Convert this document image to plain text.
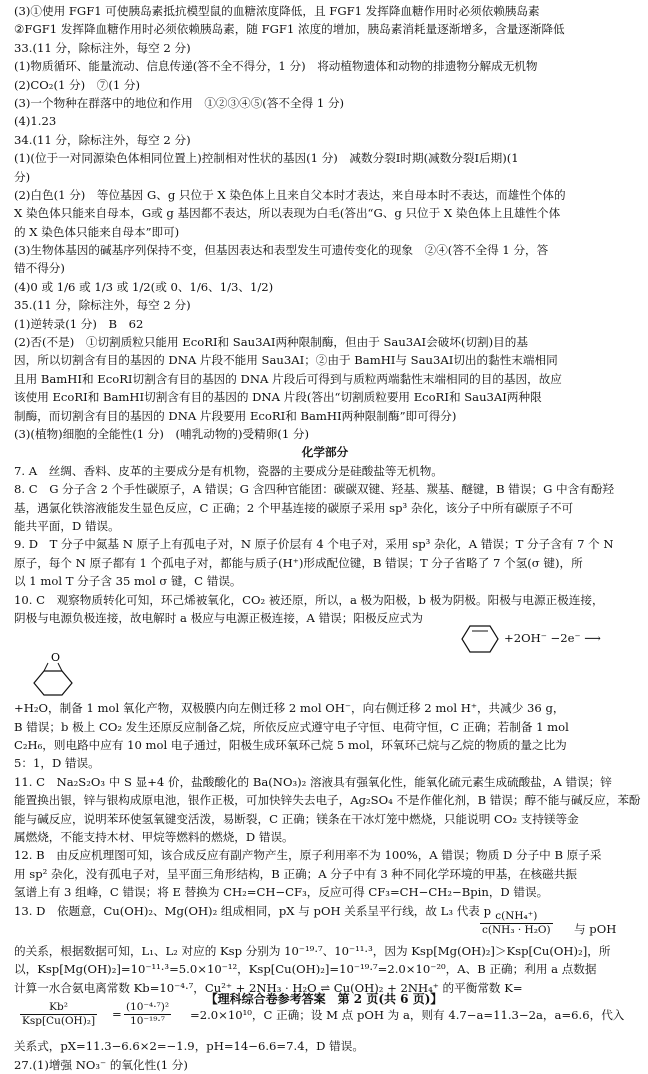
(3)①使用 FGF1 可使胰岛素抵抗模型鼠的血糖浓度降低，且 FGF1 发挥降血糖作用时必须依赖胰岛素
②FGF1 发挥降血糖作用时必须依赖胰岛素，随 FGF1 浓度的增加，胰岛素消耗量逐渐增多，含量逐渐降低
33.(11 分，除标注外，每空 2 分)
(1)物质循环、能量流动、信息传递(答不全不得分，1 分)　将动植物遗体和动物的排遗物分解成无机物
(2)CO₂(1 分)　⑦(1 分)
(3)一个物种在群落中的地位和作用　①②③④⑤(答不全得 1 分)
(4)1.23
34.(11 分，除标注外，每空 2 分)
(1)(位于一对同源染色体相同位置上)控制相对性状的基因(1 分)　减数分裂Ⅰ时期(减数分裂Ⅰ后期)(1
分)
(2)白色(1 分)　等位基因 G、g 只位于 X 染色体上且来自父本时才表达，来自母本时不表达，而雄性个体的
X 染色体只能来自母本，G或 g 基因都不表达，所以表现为白毛(答出“G、g 只位于 X 染色体上且雄性个体
的 X 染色体只能来自母本”即可)
(3)生物体基因的碱基序列保持不变，但基因表达和表型发生可遗传变化的现象　②④(答不全得 1 分，答
错不得分)
(4)0 或 1/6 或 1/3 或 1/2(或 0、1/6、1/3、1/2)
35.(11 分，除标注外，每空 2 分)
(1)逆转录(1 分)　B　62
(2)否(不是)　①切割质粒只能用 EcoRⅠ和 Sau3AⅠ两种限制酶，但由于 Sau3AⅠ会破坏(切割)目的基
因，所以切割含有目的基因的 DNA 片段不能用 Sau3AⅠ；②由于 BamHⅠ与 Sau3AⅠ切出的黏性末端相同
且用 BamHⅠ和 EcoRⅠ切割含有目的基因的 DNA 片段后可得到与质粒两端黏性末端相同的目的基因，故应
该使用 EcoRⅠ和 BamHⅠ切割含有目的基因的 DNA 片段(答出“切割质粒要用 EcoRⅠ和 Sau3AⅠ两种限
制酶，而切割含有目的基因的 DNA 片段要用 EcoRⅠ和 BamHⅠ两种限制酶”即可得分)
(3)(植物)细胞的全能性(1 分)　(哺乳动物的)受精卵(1 分)
化学部分
7. A　丝绸、香料、皮革的主要成分是有机物，瓷器的主要成分是硅酸盐等无机物。
8. C　G 分子含 2 个手性碳原子，A 错误；G 含四种官能团：碳碳双键、羟基、羰基、醚键，B 错误；G 中含有酚羟
基，遇氯化铁溶液能发生显色反应，C 正确；2 个甲基连接的碳原子采用 sp³ 杂化，该分子中所有碳原子不可
能共平面，D 错误。
9. D　T 分子中氮基 N 原子上有孤电子对，N 原子价层有 4 个电子对，采用 sp³ 杂化，A 错误；T 分子含有 7 个 N
原子，每个 N 原子都有 1 个孤电子对，都能与质子(H⁺)形成配位键，B 错误；T 分子省略了 7 个氢(σ 键)，所
以 1 mol T 分子含 35 mol σ 键，C 错误。
10. C　观察物质转化可知，环己烯被氧化，CO₂ 被还原，所以，a 极为阳极，b 极为阴极。阳极与电源正极连接，
阴极与电源负极连接，故电解时 a 极应与电源正极连接，A 错误；阳极反应式为
+2OH⁻ −2e⁻ ⟶
O
+H₂O，制备 1 mol 氧化产物，双极膜内向左侧迁移 2 mol OH⁻，向右侧迁移 2 mol H⁺，共减少 36 g，
B 错误；b 极上 CO₂ 发生还原反应制备乙烷，所依反应式遵守电子守恒、电荷守恒，C 正确；若制备 1 mol
C₂H₆，则电路中应有 10 mol 电子通过，阳极生成环氧环己烷 5 mol，环氧环己烷与乙烷的物质的量之比为
5：1，D 错误。
11. C　Na₂S₂O₃ 中 S 显+4 价，盐酸酸化的 Ba(NO₃)₂ 溶液具有强氧化性，能氧化硫元素生成硫酸盐，A 错误；锌
能置换出银，锌与银构成原电池，银作正极，可加快锌失去电子，Ag₂SO₄ 不是作催化剂，B 错误；醇不能与碱反应，苯酚
能与碱反应，说明苯环使氢氧键变活泼，易断裂，C 正确；镁条在干冰灯笼中燃烧，只能说明 CO₂ 支持镁等金
属燃烧，不能支持木材、甲烷等燃料的燃烧，D 错误。
12. B　由反应机理图可知，该合成反应有副产物产生，原子利用率不为 100%，A 错误；物质 D 分子中 B 原子采
用 sp² 杂化，没有孤电子对，呈平面三角形结构，B 正确；A 分子中有 3 种不同化学环境的甲基，在核磁共振
氢谱上有 3 组峰，C 错误；将 E 替换为 CH₂=CH−CF₃，反应可得 CF₃=CH−CH₂−Bpin，D 错误。
13. D　依题意，Cu(OH)₂、Mg(OH)₂ 组成相同，pX 与 pOH 关系呈平行线，故 L₃ 代表 p
$\frac{\text{c(NH₄⁺)}}{\text{c(NH₃ · H₂O)}}$ 与 pOH
的关系，根据数据可知，L₁、L₂ 对应的 Ksp 分别为 10⁻¹⁹·⁷、10⁻¹¹·³，因为 Ksp[Mg(OH)₂]＞Ksp[Cu(OH)₂]，所
以，Ksp[Mg(OH)₂]=10⁻¹¹·³=5.0×10⁻¹²，Ksp[Cu(OH)₂]=10⁻¹⁹·⁷=2.0×10⁻²⁰，A、B 正确；利用 a 点数据
计算一水合氨电离常数 Kb=10⁻⁴·⁷，Cu²⁺ + 2NH₃ · H₂O ⇌ Cu(OH)₂ + 2NH₄⁺ 的平衡常数 K=
Kb²
$Ksp[Cu(OH)_2] = \frac{\text{(10⁻⁴·⁷)²}}{\text{10⁻¹⁹·⁷}} =2.0\times 10^{10}$，C 正确；设 M 点 pOH 为 a，则有 4.7−a=11.3−2a，a=6.6，代入
关系式，pX=11.3−6.6×2=−1.9，pH=14−6.6=7.4，D 错误。
27.(1)增强 NO₃⁻ 的氧化性(1 分)
【理科综合卷参考答案　第 2 页(共 6 页)】
